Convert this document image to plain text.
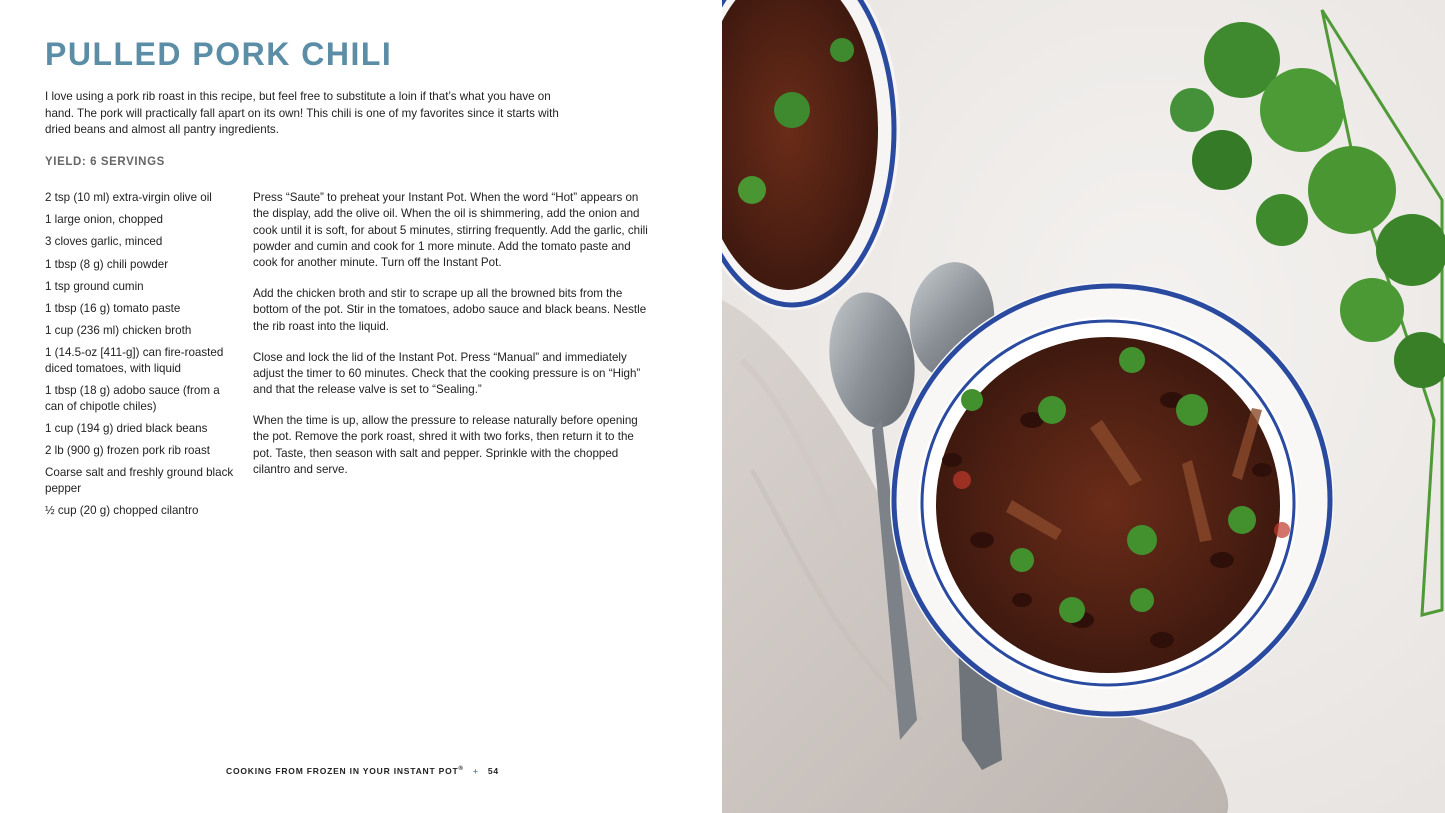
PULLED PORK CHILI

I love using a pork rib roast in this recipe, but feel free to substitute a loin if that’s what you have on hand. The pork will practically fall apart on its own! This chili is one of my favorites since it starts with dried beans and almost all pantry ingredients.

YIELD: 6 SERVINGS
2 tsp (10 ml) extra-virgin olive oil
1 large onion, chopped
3 cloves garlic, minced
1 tbsp (8 g) chili powder
1 tsp ground cumin
1 tbsp (16 g) tomato paste
1 cup (236 ml) chicken broth
1 (14.5-oz [411-g]) can fire-roasted diced tomatoes, with liquid
1 tbsp (18 g) adobo sauce (from a can of chipotle chiles)
1 cup (194 g) dried black beans
2 lb (900 g) frozen pork rib roast
Coarse salt and freshly ground black pepper
½ cup (20 g) chopped cilantro

Press “Saute” to preheat your Instant Pot. When the word “Hot” appears on the display, add the olive oil. When the oil is shimmering, add the onion and cook until it is soft, for about 5 minutes, stirring frequently. Add the garlic, chili powder and cumin and cook for 1 more minute. Add the tomato paste and cook for another minute. Turn off the Instant Pot.

Add the chicken broth and stir to scrape up all the browned bits from the bottom of the pot. Stir in the tomatoes, adobo sauce and black beans. Nestle the rib roast into the liquid.

Close and lock the lid of the Instant Pot. Press “Manual” and immediately adjust the timer to 60 minutes. Check that the cooking pressure is on “High” and that the release valve is set to “Sealing.”

When the time is up, allow the pressure to release naturally before opening the pot. Remove the pork roast, shred it with two forks, then return it to the pot. Taste, then season with salt and pepper. Sprinkle with the chopped cilantro and serve.

COOKING FROM FROZEN IN YOUR INSTANT POT® + 54
